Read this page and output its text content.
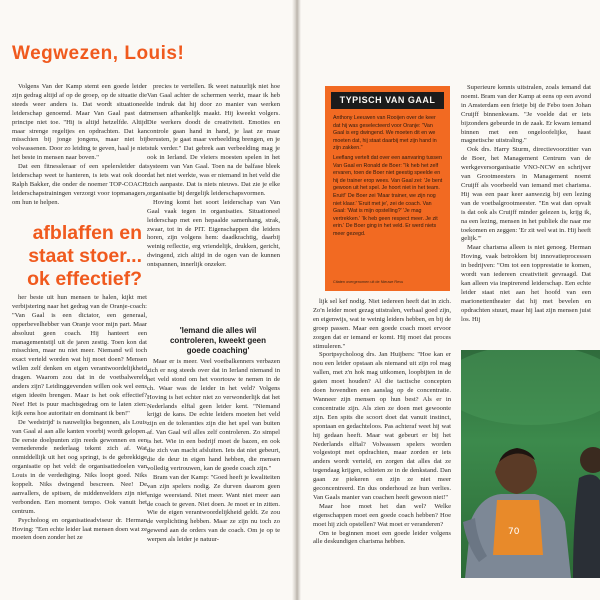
Wegwezen, Louis!

Volgens Van der Kamp stemt een goede leider zijn gedrag altijd af op de groep, op de situatie die steeds weer anders is. Dat wordt situationeel leiderschap genoemd. Maar Van Gaal past dat principe niet toe. "Hij is altijd hetzelfde. Altijd maar strenge regeltjes en opdrachten. Dat kan misschien bij jonge jongens, maar niet bij volwassenen. Door zo leiding te geven, haal je niet het beste in mensen naar boven."

Dat een fitnessleraar of een spelersleider dat leiderschap weet te hanteren, is iets wat ook door Ralph Bakker, die onder de noemer TOP-COACH leiderschapstrainingen verzorgt voor topmanagers, om hun te helpen.

afblaffen en
staat stoer...
ok effectief?

her beste uit hun mensen te halen, kijkt met verbijstering naar het gedrag van de Oranje-coach: "Van Gaal is een dictator, een generaal, opperbevelhebber van Oranje voor mijn part. Maar absoluut geen coach. Hij hanteert een managementstijl uit de jaren zestig. Toen kon dat misschien, maar nu niet meer. Niemand wil toch exact verteld worden wat hij moet doen? Mensen willen zelf denken en eigen verantwoordelijkheid dragen. Waarom zou dat in de voetbalwereld anders zijn? Leidinggevenden willen ook wel eens eigen ideeën brengen. Maar is het ook effectief? Nee! Het is puur machtsgedrag om te laten zien: kijk eens hoe autoritair en dominant ik ben!"

De 'wedstrijd' is nauwelijks begonnen, als Louis van Gaal al aan alle kanten voorbij wordt gelopen. De eerste doelpunten zijn reeds gewonnen en een vernederende nederlaag tekent zich af. Wat onmiddellijk uit het oog springt, is de gebrekkige organisatie op het veld: de organisatiedoelen van Louis in de verdediging. Niks loopt goed. Niks koppelt. Niks dwingend bescreen. Nee! De aanvallers, de spitsen, de middenvelders zijn niet verbonden. Een moment tempo. Ook vanuit het centrum.

Psycholoog en organisatieadviseur dr. Herman Hoving: "Een echte leider laat mensen doen wat ze moeten doen zonder het ze

precies te vertellen. Ik weet natuurlijk niet hoe Van Gaal achter de schermen werkt, maar ik heb de indruk dat hij door zo manier van werken mensen afhankelijk maakt. Hij kweekt volgers. Die werkers doodt de creativiteit. Emoties en controle gaan hand in hand, je laat ze maar berusten, je gaat maar verbeelding brengen, en je stuk verder." Dat gebrek aan verbeelding mag je ook in Ierland. De vleiers moesten spelen in het systeem van Van Gaal. Toen na de balfase bleek dat het niet werkte, was er niemand in het veld die zich aanpaste. Dat is niets nieuws. Dat zie je elke organisatie bij dergelijk leiderschapsvormen.

Hoving komt het soort leiderschap van Van Gaal vaak tegen in organisaties. Situationeel leiderschap met een hepaalde samenhang, strak, zwaar, tot in de PIT. Eigenschappen die leiders horen, zijn volgens hem: daadkrachtig, daarbij weinig reflectie, erg vriendelijk, drukken, gericht, dwingend, zich altijd in de ogen van de kunnen ontspannen, innerlijk onzeker.

'Iemand die alles wil controleren, kweekt geen goede coaching'

Maar er is meer. Veel voetbalkenners verbazen zich er nog steeds over dat in Ierland niemand in het veld stond om het voortouw te nemen in de ch. Waar was de leider in het veld? Volgens Hoving is het echter niet zo verwonderlijk dat het Nederlands elftal geen leider kent. "Niemand krijgt de kans. De echte leiders moeten het veld zijn en de toleranties zijn die het spel van buiten af. Van Gaal wil alles zelf controleren. Zo simpel is het. Wie in een bedrijf moet de bazen, en ook die zich van macht afsluiten. Iets dat niet gebeurt, die de deur in eigen hand hebben, die mensen volledig vertrouwen, kan de goede coach zijn."

Bram van der Kamp: "Goed heeft je kwaliteiten van zijn spelers nodig. Ze durven daarom geen enige weerstand. Niet meer. Want niet meer aan de coach te geven. Niet doen. Je moet er in zitten. Wie de eigen verantwoordelijkheid geldt. Ze zou de verplichting hebben. Maar ze zijn nu toch zo gewend aan de orders van de coach. Om je op te werpen als leider je natuur-

TYPISCH VAN GAAL

Anthony Leeuwen van Rooijen over de keer dat hij was geselecteerd voor Oranje: "Van Gaal is erg dwingend. We moeten dit en we moeten dat, hij staat daarbij met zijn hand in zijn zakken."

Leeflang vertelt dat over een aanvaring tussen Van Gaal en Ronald de Boer: "Ik heb het zelf ervaren, toen de Boer niet geestig speelde en hij de trainer erop wees. Van Gaal zei: 'Je bent gewoon uit het spel. Je hoort niet in het team. Eruit!' De Boer zei 'Maar trainer, we zijn nog niet klaar.' 'Eruit met je', zei de coach. Van Gaal: 'Wat is mijn opstelling?' 'Je mag vertrekken.' 'Ik heb geen respect meer. Je zit erin.' De Boer ging in het veld. Er werd niets meer gezegd.

Citaten overgenomen uit de Nieuwe Revu

lijk sel kef nodig. Niet iedereen heeft dat in zich. Zo'n leider moet gezag uitstralen, verbaal goed zijn, en eigenwijs, wat te weinig leiders hebben, en bij de groep passen. Maar een goede coach moet ervoor zorgen dat er iemand er komt. Hij moet dat proces stimuleren."

Sportpsycholoog drs. Jan Huijbers: "Hoe kan er nou een leider opstaan als niemand uit zijn rol mag vallen, met z'n hok mag uitkomen, loopbijten in de gaten moet houden? Al die tactische concepten doen hovendien een aanslag op de concentratie. Wanneer zijn mensen op hun best? Als er in concentratie zijn. Als zien ze doen met gewoonte zijn. Een spits die scoort doet dat vanuit instinct, spontaan en gedachteloos. Pas achteraf weet hij wat hij gedaan heeft. Maar wat gebeurt er bij het Nederlands elftal? Volwassen spelers worden volgestopt met opdrachten, maar zorden er iets anders wordt verteld, en zorgen dat alles dat ze tegendaag krijgen, schieten ze in de denkstand. Dan gaan ze piekeren en zijn ze niet meer geconcentreerd. En dus onderhoud ze hun verlies. Van Gaals manier van coachen heeft gewoon niet!"

Maar hoe moet het dan wel? Welke eigenschappen moet een goede coach hebben? Hoe moet hij zich opstellen? Wat moet er veranderen?

Om te beginnen moet een goede leider volgens alle deskundigen charisma hebben.

Superieure kennis uitstralen, zoals iemand dat noemt. Bram van der Kamp at eens op een avond in Amsterdam een frietje bij de Febo toen Johan Cruijff binnenkwam. "Je voelde dat er iets bijzonders gebeurde in de zaak. Er kwam iemand binnen met een ongeloofelijke, haast magnetische uitstraling."

Ook drs. Harry Sturm, directievoorzitter van de Boer, het Management Centrum van de werkgeversorganisatie VNO-NCW en schrijver van Grootmeesters in Management noemt Cruijff als voorbeeld van iemand met charisma. Hij was een paar keer aanwezig bij een lezing van de voetbalgrootmeester. "En wat dan opvalt is dat ook als Cruijff minder gelezen is, krijg ik, na een lezing, mensen in het publiek die naar me toekomen en zeggen: 'Er zit wel wat in. Hij heeft gelijk.'"

Maar charisma alleen is niet genoeg. Herman Hoving, vaak betrokken bij innovatieprocessen in bedrijven: "Om tot een topprestatie te komen, wordt van iedereen creativiteit gevraagd. Dat kan alleen via inspirerend leiderschap. Een echte leider staat niet aan het hoofd van een marionettentheater dat hij met bevelen en opdrachten stuurt, maar hij laat zijn mensen juist los. Hij

70
